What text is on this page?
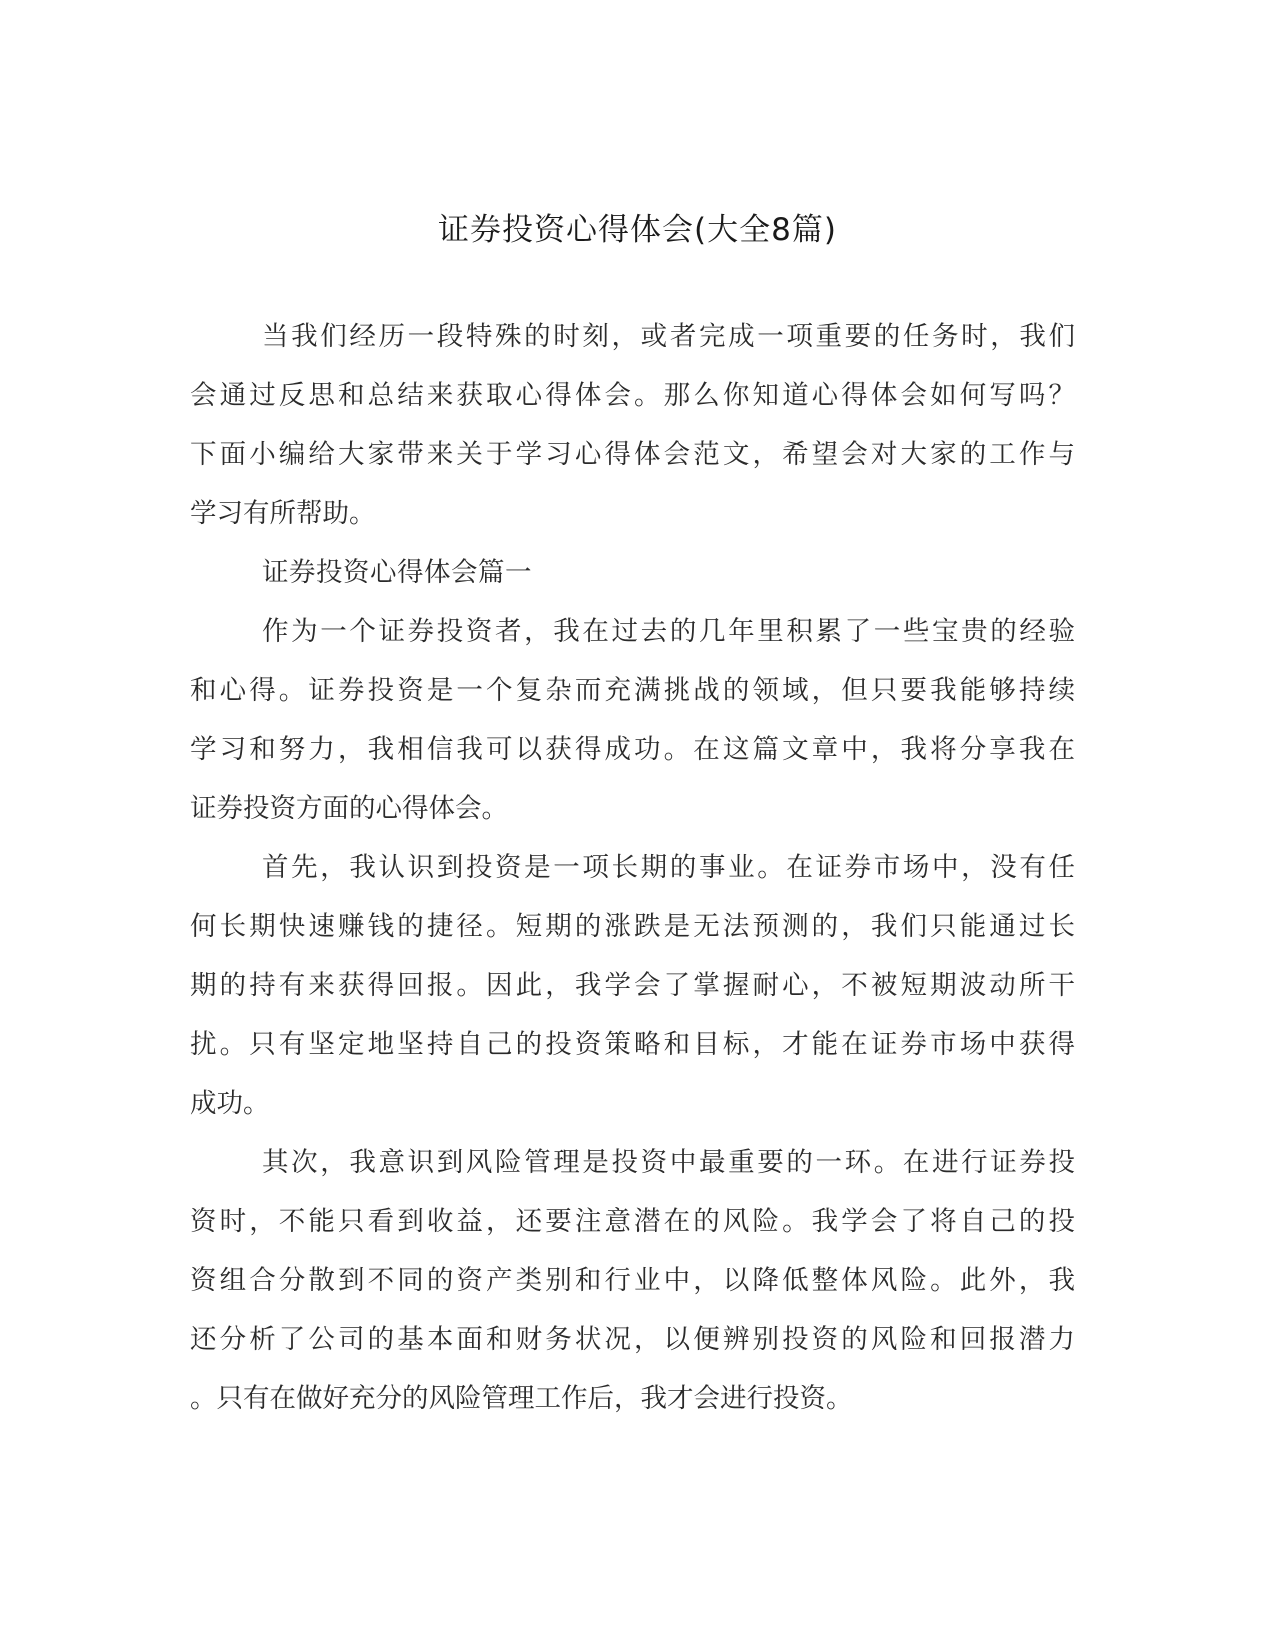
证券投资心得体会(大全8篇)
当我们经历一段特殊的时刻，或者完成一项重要的任务时，我们
会通过反思和总结来获取心得体会。那么你知道心得体会如何写吗？
下面小编给大家带来关于学习心得体会范文，希望会对大家的工作与
学习有所帮助。
证券投资心得体会篇一
作为一个证券投资者，我在过去的几年里积累了一些宝贵的经验
和心得。证券投资是一个复杂而充满挑战的领域，但只要我能够持续
学习和努力，我相信我可以获得成功。在这篇文章中，我将分享我在
证券投资方面的心得体会。
首先，我认识到投资是一项长期的事业。在证券市场中，没有任
何长期快速赚钱的捷径。短期的涨跌是无法预测的，我们只能通过长
期的持有来获得回报。因此，我学会了掌握耐心，不被短期波动所干
扰。只有坚定地坚持自己的投资策略和目标，才能在证券市场中获得
成功。
其次，我意识到风险管理是投资中最重要的一环。在进行证券投
资时，不能只看到收益，还要注意潜在的风险。我学会了将自己的投
资组合分散到不同的资产类别和行业中，以降低整体风险。此外，我
还分析了公司的基本面和财务状况，以便辨别投资的风险和回报潜力
。只有在做好充分的风险管理工作后，我才会进行投资。
